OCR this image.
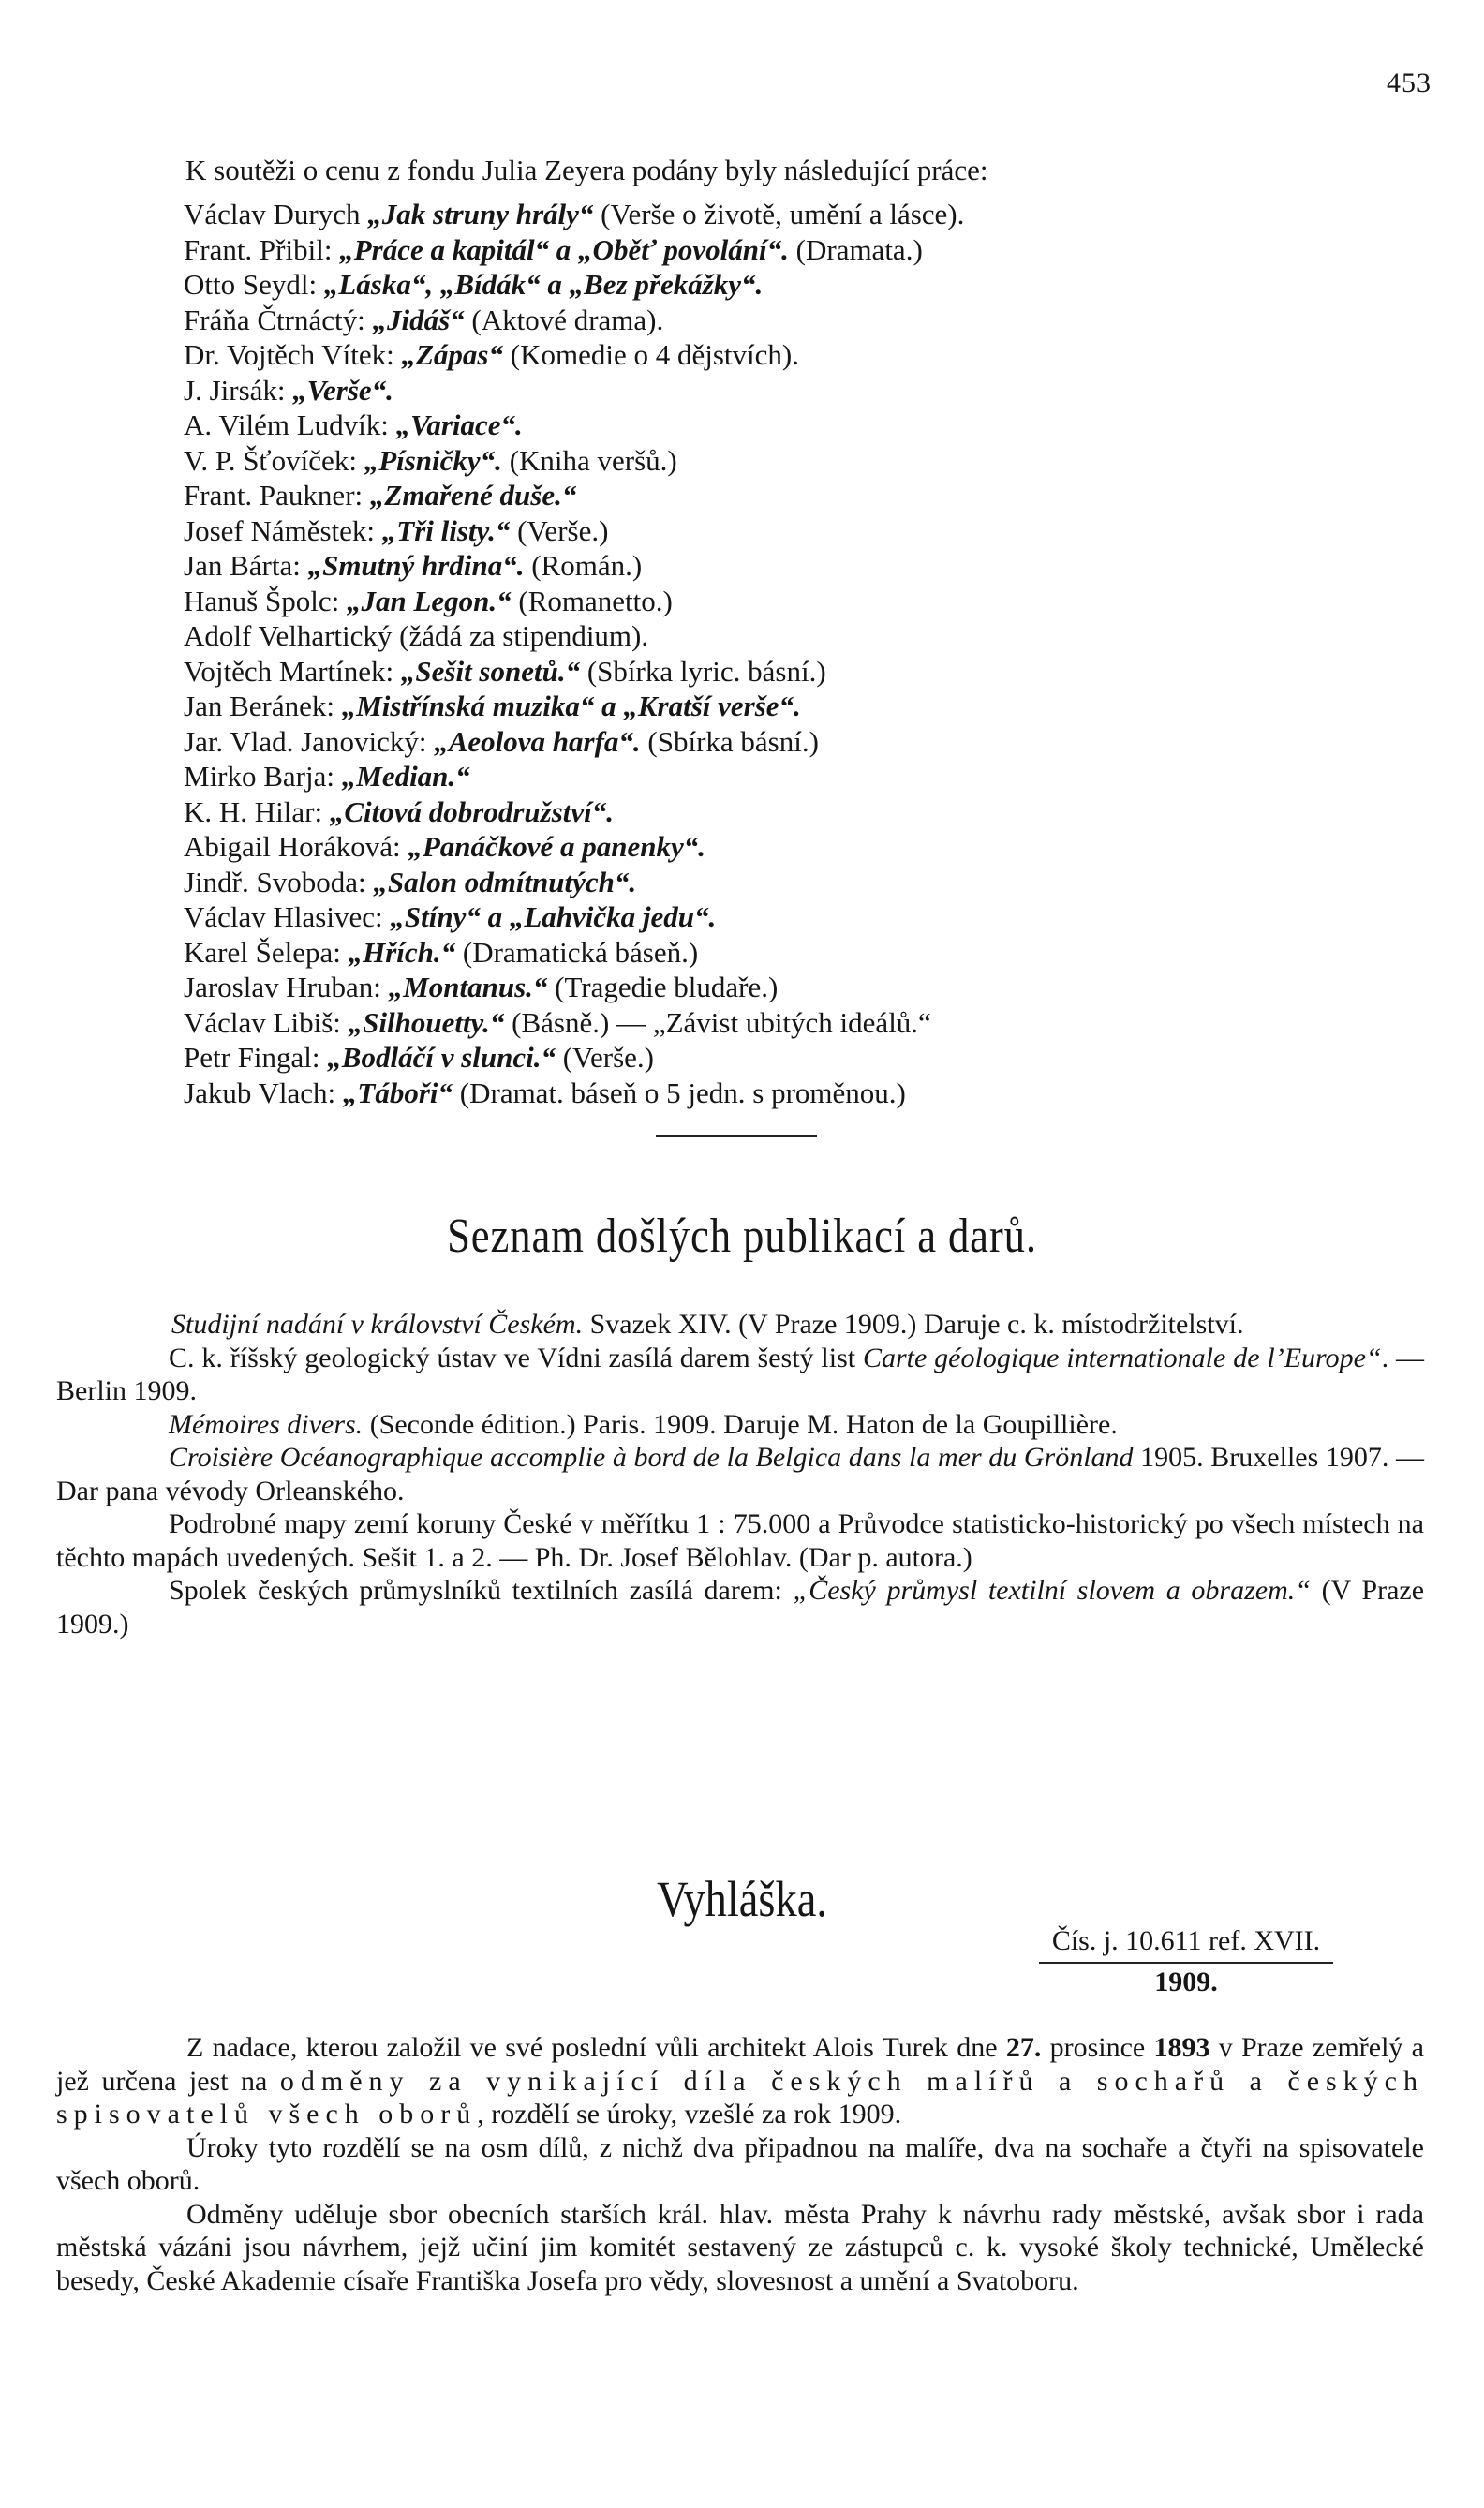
453
K soutěži o cenu z fondu Julia Zeyera podány byly následující práce:
Václav Durych „Jak struny hrály“ (Verše o životě, umění a lásce).
Frant. Přibil: „Práce a kapitál“ a „Oběť povolání“. (Dramata.)
Otto Seydl: „Láska“, „Bídák“ a „Bez překážky“.
Fráňa Čtrnáctý: „Jidáš“ (Aktové drama).
Dr. Vojtěch Vítek: „Zápas“ (Komedie o 4 dějstvích).
J. Jirsák: „Verše“.
A. Vilém Ludvík: „Variace“.
V. P. Šťovíček: „Písničky“. (Kniha veršů.)
Frant. Paukner: „Zmařené duše.“
Josef Náměstek: „Tři listy.“ (Verše.)
Jan Bárta: „Smutný hrdina“. (Román.)
Hanuš Špolc: „Jan Legon.“ (Romanetto.)
Adolf Velhartický (žádá za stipendium).
Vojtěch Martínek: „Sešit sonetů.“ (Sbírka lyric. básní.)
Jan Beránek: „Mistřínská muzika“ a „Kratší verše“.
Jar. Vlad. Janovický: „Aeolova harfa“. (Sbírka básní.)
Mirko Barja: „Median.“
K. H. Hilar: „Citová dobrodružství“.
Abigail Horáková: „Panáčkové a panenky“.
Jindř. Svoboda: „Salon odmítnutých“.
Václav Hlasivec: „Stíny“ a „Lahvička jedu“.
Karel Šelepa: „Hřích.“ (Dramatická báseň.)
Jaroslav Hruban: „Montanus.“ (Tragedie bludaře.)
Václav Libiš: „Silhouetty.“ (Básně.) — „Závist ubitých ideálů.“
Petr Fingal: „Bodláčí v slunci.“ (Verše.)
Jakub Vlach: „Táboři“ (Dramat. báseň o 5 jedn. s proměnou.)
Seznam došlých publikací a darů.

Studijní nadání v království Českém. Svazek XIV. (V Praze 1909.) Daruje c. k. místodržitelství.

C. k. říšský geologický ústav ve Vídni zasílá darem šestý list Carte géologique internationale de l’Europe“. — Berlin 1909.

Mémoires divers. (Seconde édition.) Paris. 1909. Daruje M. Haton de la Goupillière.

Croisière Océanographique accomplie à bord de la Belgica dans la mer du Grönland 1905. Bruxelles 1907. — Dar pana vévody Orleanského.

Podrobné mapy zemí koruny České v měřítku 1 : 75.000 a Průvodce statisticko-historický po všech místech na těchto mapách uvedených. Sešit 1. a 2. — Ph. Dr. Josef Bělohlav. (Dar p. autora.)

Spolek českých průmyslníků textilních zasílá darem: „Český průmysl textilní slovem a obrazem.“ (V Praze 1909.)

Vyhláška.
Čís. j. 10.611 ref. XVII.
1909.

Z nadace, kterou založil ve své poslední vůli architekt Alois Turek dne 27. prosince 1893 v Praze zemřelý a jež určena jest na odměny za vynikající díla českých malířů a sochařů a českých spisovatelů všech oborů, rozdělí se úroky, vzešlé za rok 1909.

Úroky tyto rozdělí se na osm dílů, z nichž dva připadnou na malíře, dva na sochaře a čtyři na spisovatele všech oborů.

Odměny uděluje sbor obecních starších král. hlav. města Prahy k návrhu rady městské, avšak sbor i rada městská vázáni jsou návrhem, jejž učiní jim komitét sestavený ze zástupců c. k. vysoké školy technické, Umělecké besedy, České Akademie císaře Františka Josefa pro vědy, slovesnost a umění a Svatoboru.
